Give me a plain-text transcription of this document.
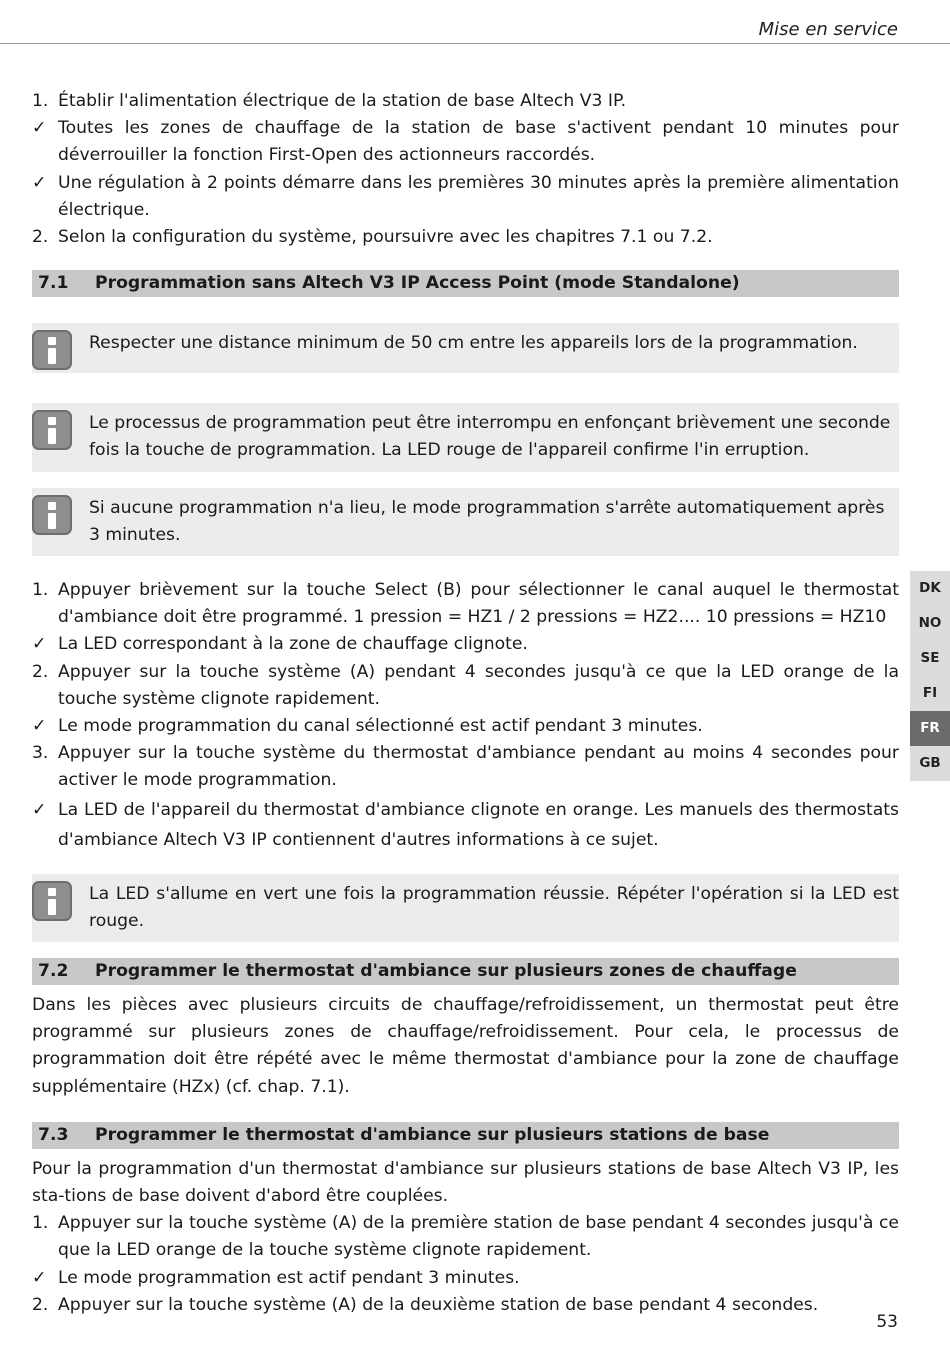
Mise en service
1. Établir l'alimentation électrique de la station de base Altech V3 IP.
✓ Toutes les zones de chauffage de la station de base s'activent pendant 10 minutes pour déverrouiller la fonction First-Open des actionneurs raccordés.
✓ Une régulation à 2 points démarre dans les premières 30 minutes après la première alimentation électrique.
2. Selon la configuration du système, poursuivre avec les chapitres 7.1 ou 7.2.
7.1	Programmation sans Altech V3 IP Access Point (mode Standalone)
Respecter une distance minimum de 50 cm entre les appareils lors de la programmation.
Le processus de programmation peut être interrompu en enfonçant brièvement une seconde fois la touche de programmation. La LED rouge de l'appareil confirme l'in erruption.
Si aucune programmation n'a lieu, le mode programmation s'arrête automatiquement après 3 minutes.
1. Appuyer brièvement sur la touche Select (B) pour sélectionner le canal auquel le thermostat d'ambiance doit être programmé. 1 pression = HZ1 / 2 pressions = HZ2.... 10 pressions = HZ10
✓ La LED correspondant à la zone de chauffage clignote.
2. Appuyer sur la touche système (A) pendant 4 secondes jusqu'à ce que la LED orange de la touche système clignote rapidement.
✓ Le mode programmation du canal sélectionné est actif pendant 3 minutes.
3. Appuyer sur la touche système du thermostat d'ambiance pendant au moins 4 secondes pour activer le mode programmation.
✓ La LED de l'appareil du thermostat d'ambiance clignote en orange. Les manuels des thermostats d'ambiance Altech V3 IP contiennent d'autres informations à ce sujet.
La LED s'allume en vert une fois la programmation réussie. Répéter l'opération si la LED est rouge.
7.2	Programmer le thermostat d'ambiance sur plusieurs zones de chauffage
Dans les pièces avec plusieurs circuits de chauffage/refroidissement, un thermostat peut être programmé sur plusieurs zones de chauffage/refroidissement. Pour cela, le processus de programmation doit être répété avec le même thermostat d'ambiance pour la zone de chauffage supplémentaire (HZx) (cf. chap. 7.1).
7.3	Programmer le thermostat d'ambiance sur plusieurs stations de base
Pour la programmation d'un thermostat d'ambiance sur plusieurs stations de base Altech V3 IP, les sta-tions de base doivent d'abord être couplées.
1. Appuyer sur la touche système (A) de la première station de base pendant 4 secondes jusqu'à ce que la LED orange de la touche système clignote rapidement.
✓ Le mode programmation est actif pendant 3 minutes.
2. Appuyer sur la touche système (A) de la deuxième station de base pendant 4 secondes.
DK
NO
SE
FI
FR
GB
53
